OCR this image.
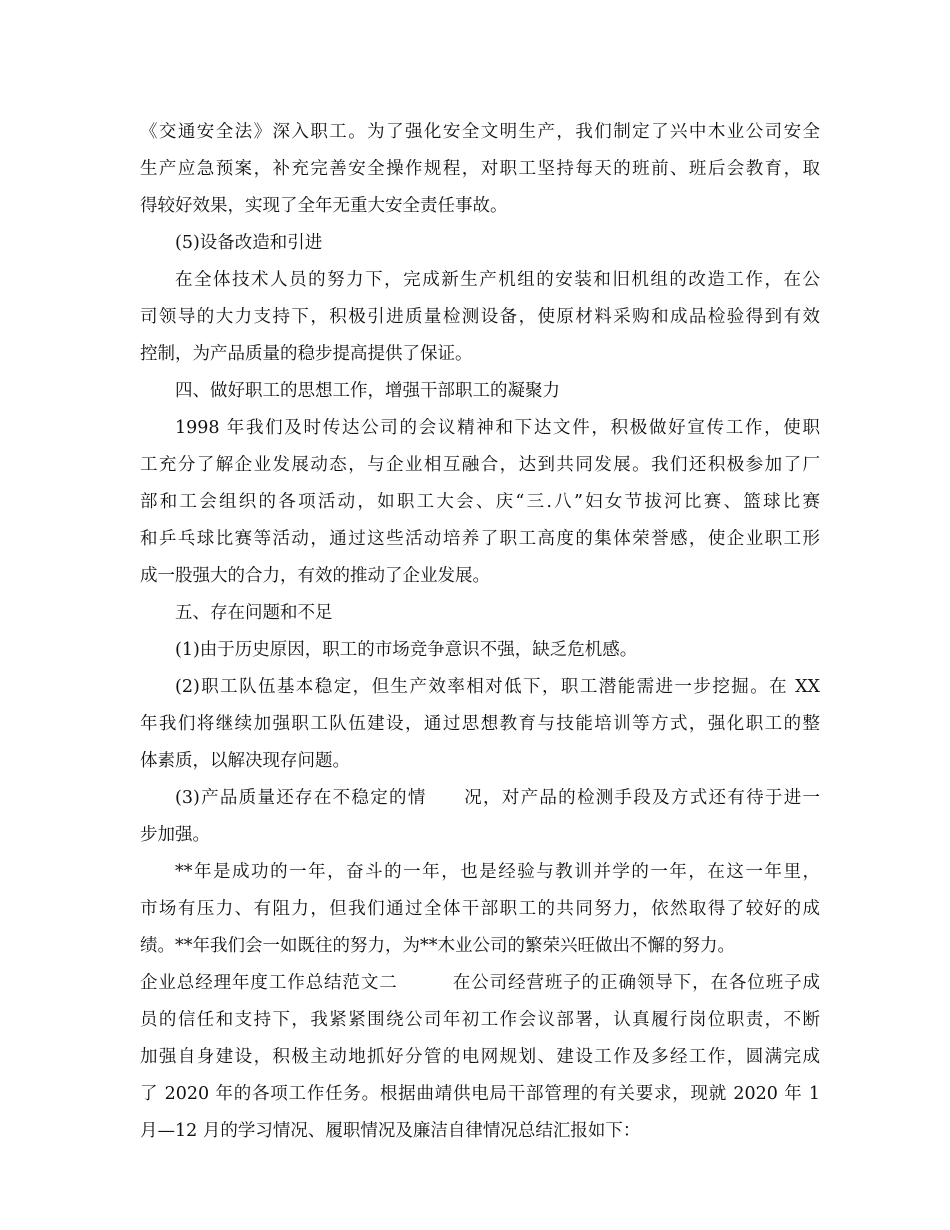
《交通安全法》深入职工。为了强化安全文明生产，我们制定了兴中木业公司安全
生产应急预案，补充完善安全操作规程，对职工坚持每天的班前、班后会教育，取
得较好效果，实现了全年无重大安全责任事故。
(5)设备改造和引进
在全体技术人员的努力下，完成新生产机组的安装和旧机组的改造工作，在公
司领导的大力支持下，积极引进质量检测设备，使原材料采购和成品检验得到有效
控制，为产品质量的稳步提高提供了保证。
四、做好职工的思想工作，增强干部职工的凝聚力
1998 年我们及时传达公司的会议精神和下达文件，积极做好宣传工作，使职
工充分了解企业发展动态，与企业相互融合，达到共同发展。我们还积极参加了厂
部和工会组织的各项活动，如职工大会、庆“三.八”妇女节拔河比赛、篮球比赛
和乒乓球比赛等活动，通过这些活动培养了职工高度的集体荣誉感，使企业职工形
成一股强大的合力，有效的推动了企业发展。
五、存在问题和不足
(1)由于历史原因，职工的市场竞争意识不强，缺乏危机感。
(2)职工队伍基本稳定，但生产效率相对低下，职工潜能需进一步挖掘。在 XX
年我们将继续加强职工队伍建设，通过思想教育与技能培训等方式，强化职工的整
体素质，以解决现存问题。
(3)产品质量还存在不稳定的情　　况，对产品的检测手段及方式还有待于进一
步加强。
**年是成功的一年，奋斗的一年，也是经验与教训并学的一年，在这一年里，
市场有压力、有阻力，但我们通过全体干部职工的共同努力，依然取得了较好的成
绩。**年我们会一如既往的努力，为**木业公司的繁荣兴旺做出不懈的努力。
企业总经理年度工作总结范文二　　　在公司经营班子的正确领导下，在各位班子成
员的信任和支持下，我紧紧围绕公司年初工作会议部署，认真履行岗位职责，不断
加强自身建设，积极主动地抓好分管的电网规划、建设工作及多经工作，圆满完成
了 2020 年的各项工作任务。根据曲靖供电局干部管理的有关要求，现就 2020 年 1
月—12 月的学习情况、履职情况及廉洁自律情况总结汇报如下：
